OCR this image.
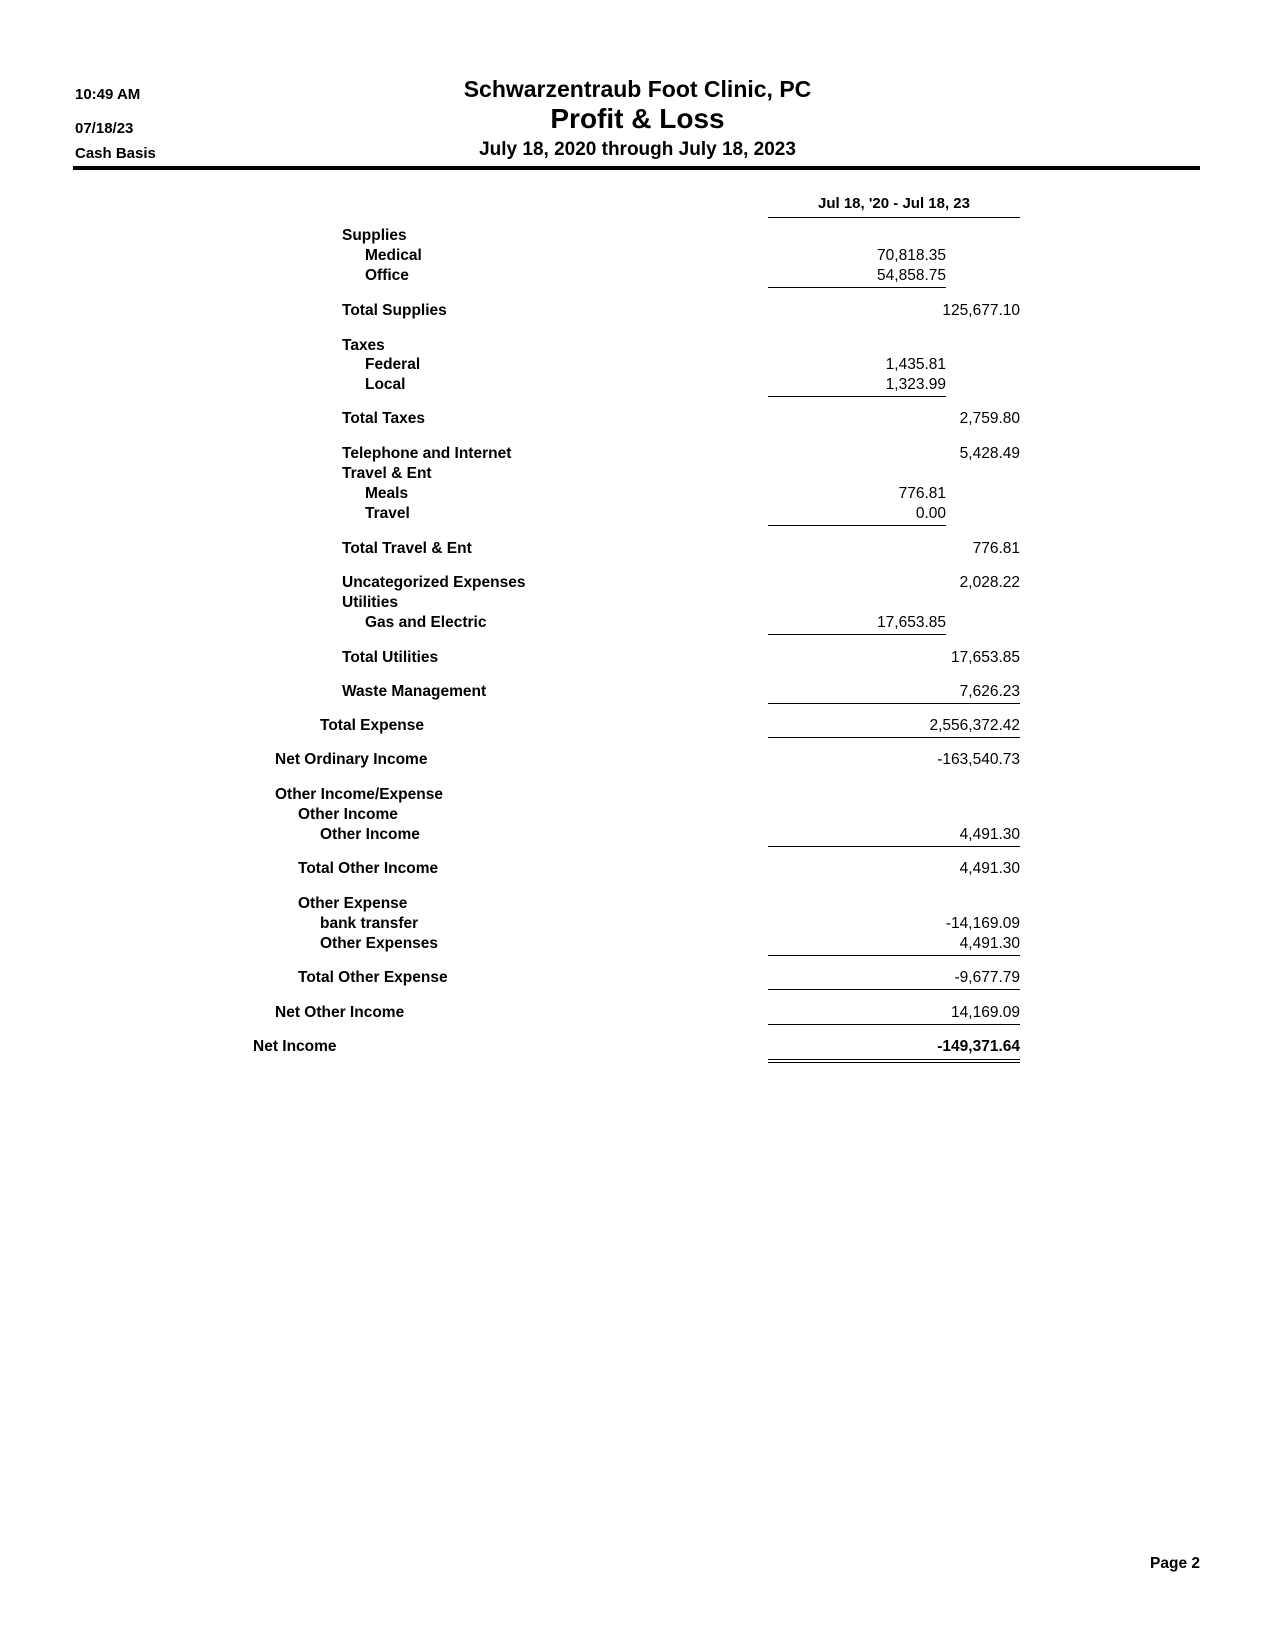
10:49 AM
07/18/23
Cash Basis
Schwarzentraub Foot Clinic, PC
Profit & Loss
July 18, 2020 through July 18, 2023
Jul 18, '20 - Jul 18, 23
Supplies
Medical	70,818.35
Office	54,858.75
Total Supplies	125,677.10
Taxes
Federal	1,435.81
Local	1,323.99
Total Taxes	2,759.80
Telephone and Internet	5,428.49
Travel & Ent
Meals	776.81
Travel	0.00
Total Travel & Ent	776.81
Uncategorized Expenses	2,028.22
Utilities
Gas and Electric	17,653.85
Total Utilities	17,653.85
Waste Management	7,626.23
Total Expense	2,556,372.42
Net Ordinary Income	-163,540.73
Other Income/Expense
Other Income
Other Income	4,491.30
Total Other Income	4,491.30
Other Expense
bank transfer	-14,169.09
Other Expenses	4,491.30
Total Other Expense	-9,677.79
Net Other Income	14,169.09
Net Income	-149,371.64
Page 2
